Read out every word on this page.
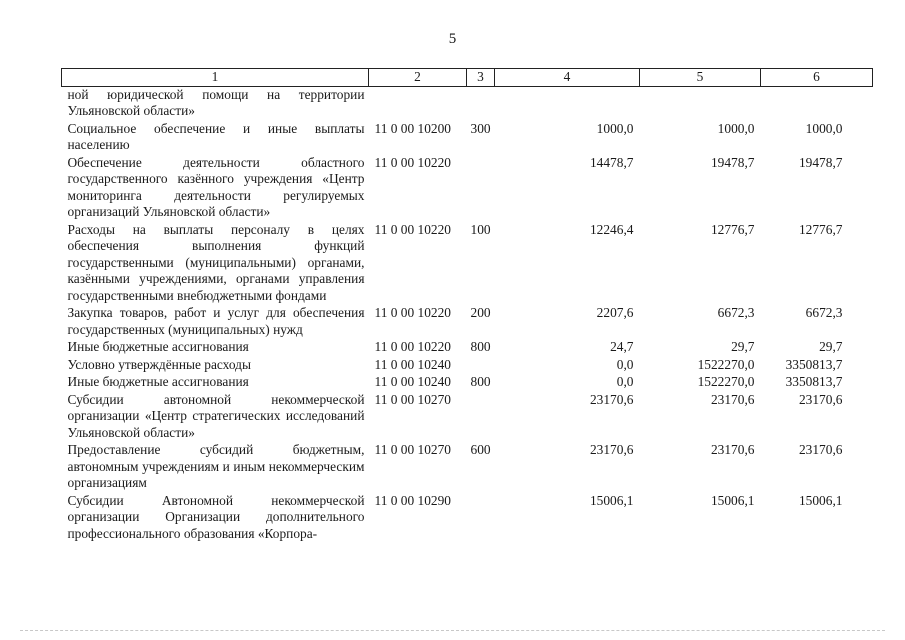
5
1	2	3	4	5	6
ной юридической помощи на территории Ульяновской области»					
Социальное обеспечение и иные выплаты населению	11 0 00 10200	300	1000,0	1000,0	1000,0
Обеспечение деятельности областного государственного казённого учреждения «Центр мониторинга деятельности регулируемых организаций Ульяновской области»	11 0 00 10220		14478,7	19478,7	19478,7
Расходы на выплаты персоналу в целях обеспечения выполнения функций государственными (муниципальными) органами, казёнными учреждениями, органами управления государственными внебюджетными фондами	11 0 00 10220	100	12246,4	12776,7	12776,7
Закупка товаров, работ и услуг для обеспечения государственных (муниципальных) нужд	11 0 00 10220	200	2207,6	6672,3	6672,3
Иные бюджетные ассигнования	11 0 00 10220	800	24,7	29,7	29,7
Условно утверждённые расходы	11 0 00 10240		0,0	1522270,0	3350813,7
Иные бюджетные ассигнования	11 0 00 10240	800	0,0	1522270,0	3350813,7
Субсидии автономной некоммерческой организации «Центр стратегических исследований Ульяновской области»	11 0 00 10270		23170,6	23170,6	23170,6
Предоставление субсидий бюджетным, автономным учреждениям и иным некоммерческим организациям	11 0 00 10270	600	23170,6	23170,6	23170,6
Субсидии Автономной некоммерческой организации Организации дополнительного профессионального образования «Корпора-	11 0 00 10290		15006,1	15006,1	15006,1
